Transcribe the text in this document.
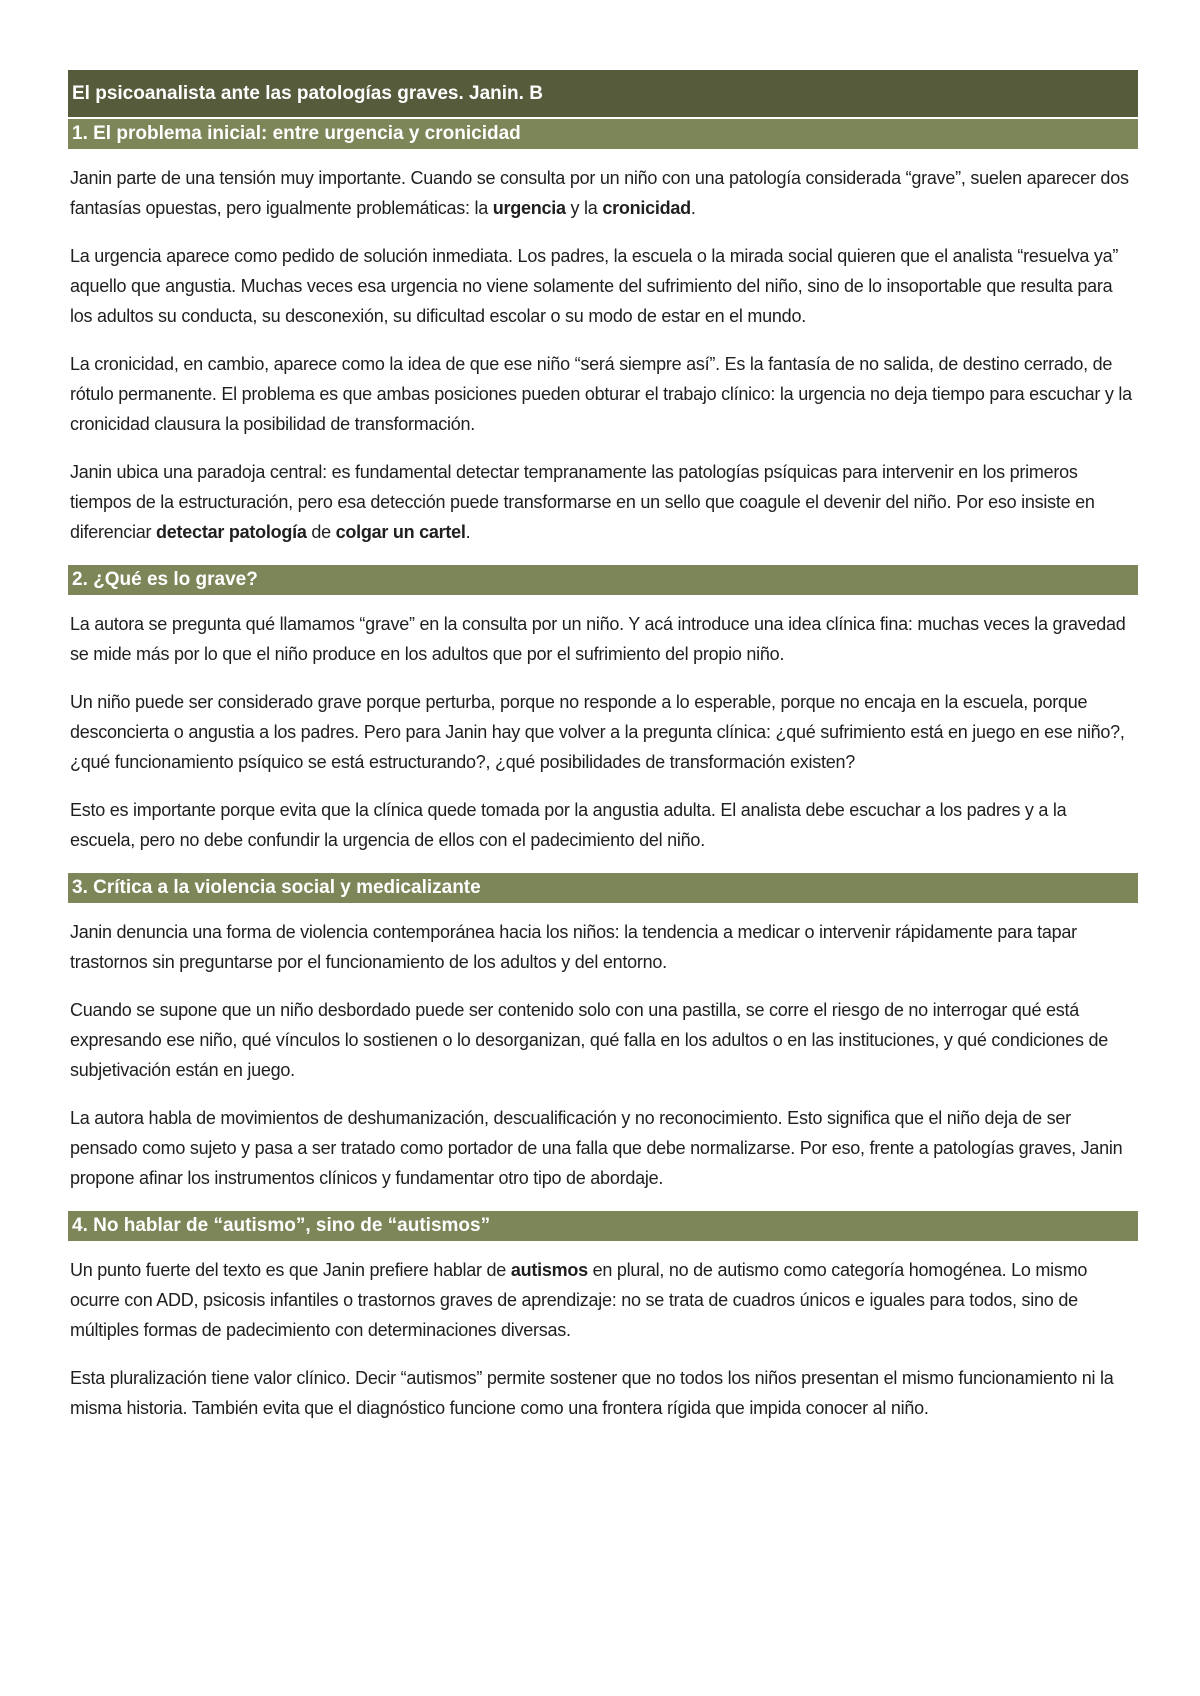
El psicoanalista ante las patologías graves. Janin. B
1. El problema inicial: entre urgencia y cronicidad

Janin parte de una tensión muy importante. Cuando se consulta por un niño con una patología considerada “grave”, suelen aparecer dos fantasías opuestas, pero igualmente problemáticas: la urgencia y la cronicidad.

La urgencia aparece como pedido de solución inmediata. Los padres, la escuela o la mirada social quieren que el analista “resuelva ya” aquello que angustia. Muchas veces esa urgencia no viene solamente del sufrimiento del niño, sino de lo insoportable que resulta para los adultos su conducta, su desconexión, su dificultad escolar o su modo de estar en el mundo.

La cronicidad, en cambio, aparece como la idea de que ese niño “será siempre así”. Es la fantasía de no salida, de destino cerrado, de rótulo permanente. El problema es que ambas posiciones pueden obturar el trabajo clínico: la urgencia no deja tiempo para escuchar y la cronicidad clausura la posibilidad de transformación.

Janin ubica una paradoja central: es fundamental detectar tempranamente las patologías psíquicas para intervenir en los primeros tiempos de la estructuración, pero esa detección puede transformarse en un sello que coagule el devenir del niño. Por eso insiste en diferenciar detectar patología de colgar un cartel.

2. ¿Qué es lo grave?

La autora se pregunta qué llamamos “grave” en la consulta por un niño. Y acá introduce una idea clínica fina: muchas veces la gravedad se mide más por lo que el niño produce en los adultos que por el sufrimiento del propio niño.

Un niño puede ser considerado grave porque perturba, porque no responde a lo esperable, porque no encaja en la escuela, porque desconcierta o angustia a los padres. Pero para Janin hay que volver a la pregunta clínica: ¿qué sufrimiento está en juego en ese niño?, ¿qué funcionamiento psíquico se está estructurando?, ¿qué posibilidades de transformación existen?

Esto es importante porque evita que la clínica quede tomada por la angustia adulta. El analista debe escuchar a los padres y a la escuela, pero no debe confundir la urgencia de ellos con el padecimiento del niño.

3. Crítica a la violencia social y medicalizante

Janin denuncia una forma de violencia contemporánea hacia los niños: la tendencia a medicar o intervenir rápidamente para tapar trastornos sin preguntarse por el funcionamiento de los adultos y del entorno.

Cuando se supone que un niño desbordado puede ser contenido solo con una pastilla, se corre el riesgo de no interrogar qué está expresando ese niño, qué vínculos lo sostienen o lo desorganizan, qué falla en los adultos o en las instituciones, y qué condiciones de subjetivación están en juego.

La autora habla de movimientos de deshumanización, descualificación y no reconocimiento. Esto significa que el niño deja de ser pensado como sujeto y pasa a ser tratado como portador de una falla que debe normalizarse. Por eso, frente a patologías graves, Janin propone afinar los instrumentos clínicos y fundamentar otro tipo de abordaje.

4. No hablar de “autismo”, sino de “autismos”

Un punto fuerte del texto es que Janin prefiere hablar de autismos en plural, no de autismo como categoría homogénea. Lo mismo ocurre con ADD, psicosis infantiles o trastornos graves de aprendizaje: no se trata de cuadros únicos e iguales para todos, sino de múltiples formas de padecimiento con determinaciones diversas.

Esta pluralización tiene valor clínico. Decir “autismos” permite sostener que no todos los niños presentan el mismo funcionamiento ni la misma historia. También evita que el diagnóstico funcione como una frontera rígida que impida conocer al niño.
